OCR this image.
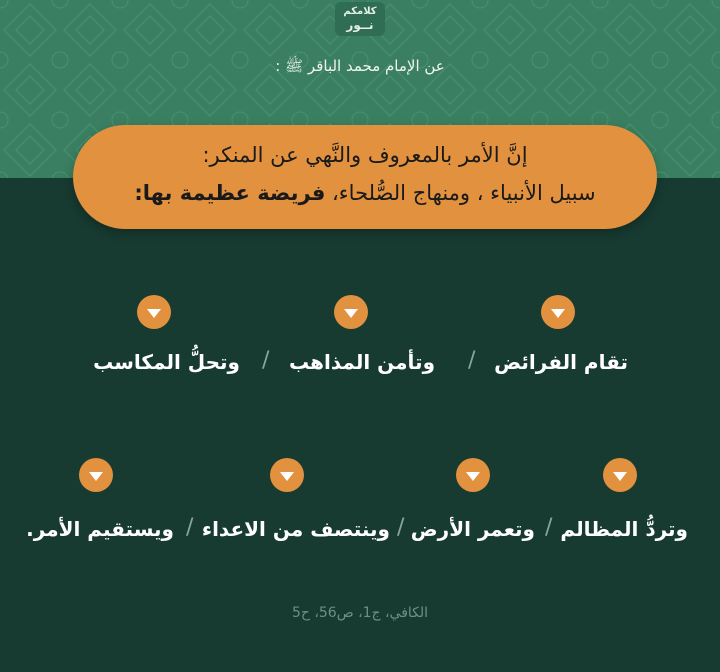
كلامكم
نــور
عن الإمام محمد الباقر ﷺ :
إنَّ الأمر بالمعروف والنَّهي عن المنكر:
سبيل الأنبياء ، ومنهاج الصُّلحاء، فريضة عظيمة بها:
تقام الفرائض
/
وتأمن المذاهب
/
وتحلُّ المكاسب
وتردُّ المظالم
/
وتعمر الأرض
/
وينتصف من الاعداء
/
ويستقيم الأمر.
الكافي، ج1، ص56، ح5
